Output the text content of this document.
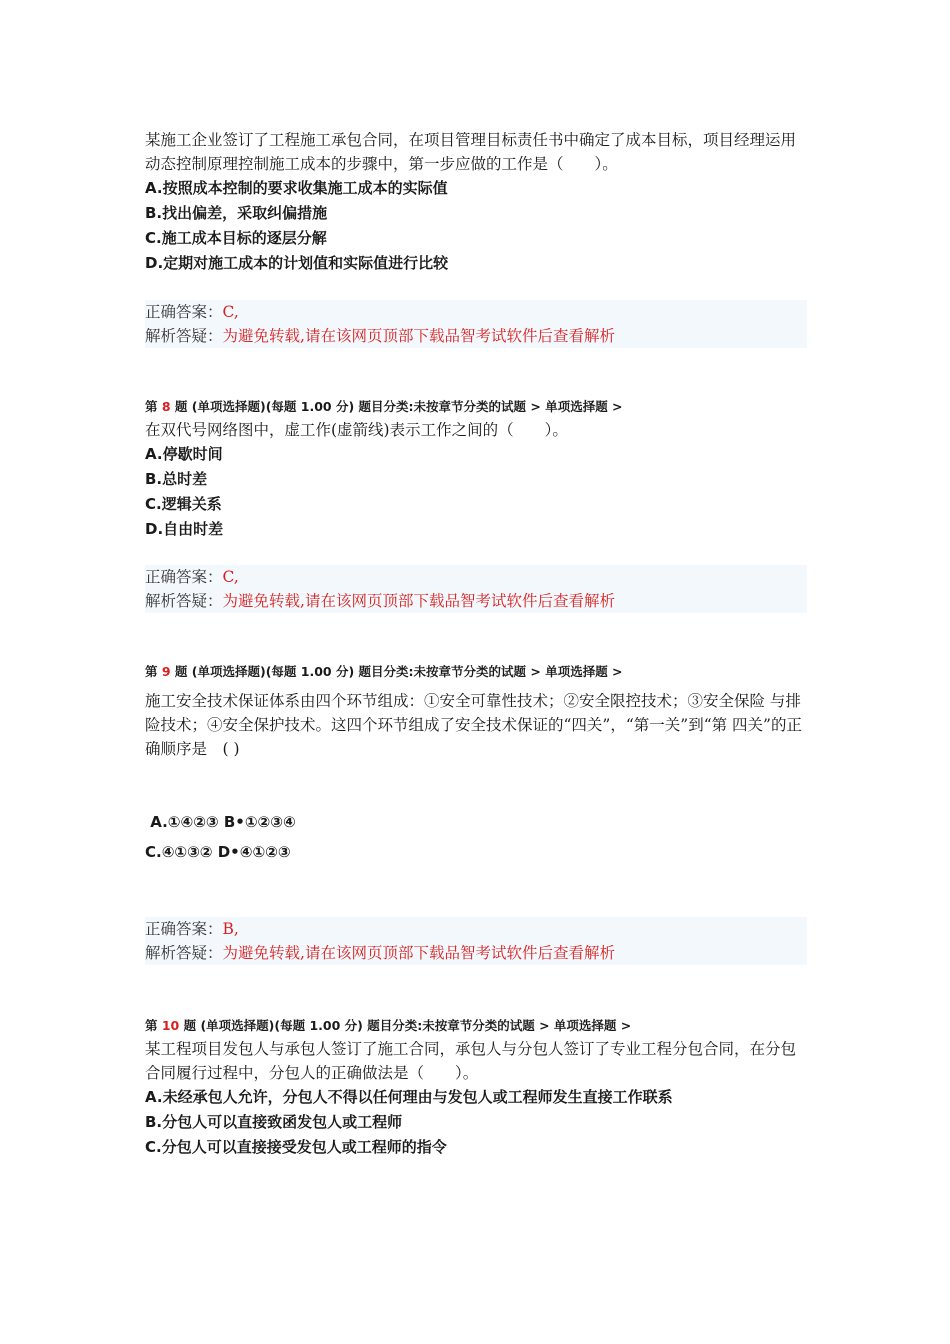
某施工企业签订了工程施工承包合同，在项目管理目标责任书中确定了成本目标，项目经理运用动态控制原理控制施工成本的步骤中，第一步应做的工作是（　　）。

A.按照成本控制的要求收集施工成本的实际值

B.找出偏差，采取纠偏措施

C.施工成本目标的逐层分解

D.定期对施工成本的计划值和实际值进行比较

正确答案：C,
解析答疑：为避免转载,请在该网页顶部下载品智考试软件后查看解析

第 8 题 (单项选择题)(每题 1.00 分) 题目分类:未按章节分类的试题 > 单项选择题 >

在双代号网络图中，虚工作(虚箭线)表示工作之间的（　　）。

A.停歇时间

B.总时差

C.逻辑关系

D.自由时差

正确答案：C,
解析答疑：为避免转载,请在该网页顶部下载品智考试软件后查看解析

第 9 题 (单项选择题)(每题 1.00 分) 题目分类:未按章节分类的试题 > 单项选择题 >

施工安全技术保证体系由四个环节组成：①安全可靠性技术；②安全限控技术；③安全保险 与排险技术；④安全保护技术。这四个环节组成了安全技术保证的“四关”，“第一关”到“第 四关”的正确顺序是　( )

A.①④②③ B•①②③④

C.④①③② D•④①②③

正确答案：B,
解析答疑：为避免转载,请在该网页顶部下载品智考试软件后查看解析

第 10 题 (单项选择题)(每题 1.00 分) 题目分类:未按章节分类的试题 > 单项选择题 >

某工程项目发包人与承包人签订了施工合同，承包人与分包人签订了专业工程分包合同，在分包合同履行过程中，分包人的正确做法是（　　）。

A.未经承包人允许，分包人不得以任何理由与发包人或工程师发生直接工作联系

B.分包人可以直接致函发包人或工程师

C.分包人可以直接接受发包人或工程师的指令
